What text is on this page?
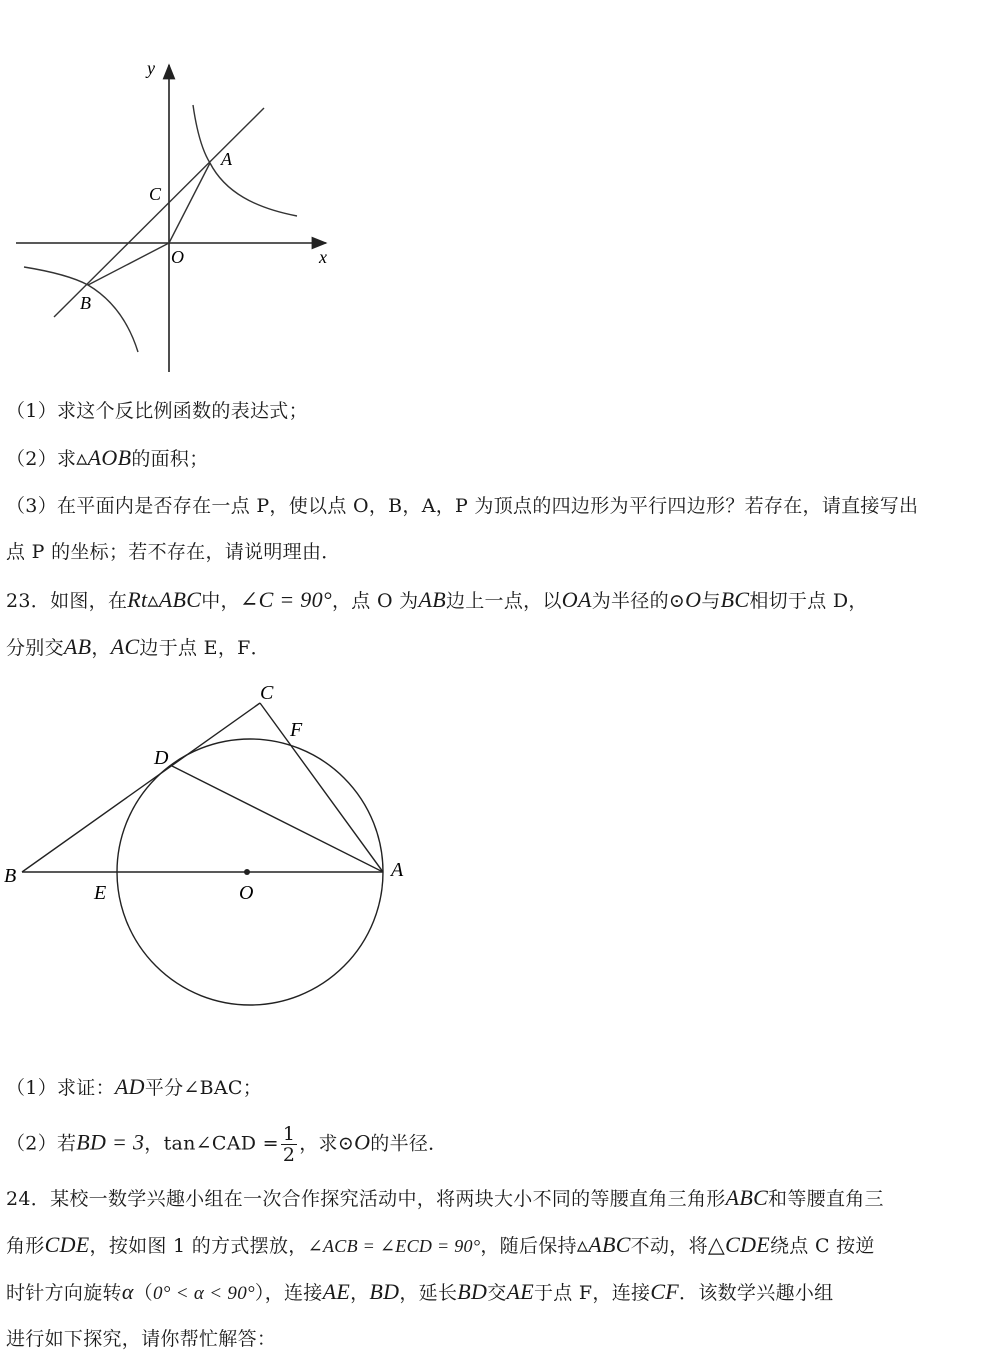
y
x
O
A
B
C
（1）求这个反比例函数的表达式；
（2）求▵AOB的面积；
（3）在平面内是否存在一点 P，使以点 O，B，A，P 为顶点的四边形为平行四边形？若存在，请直接写出
点 P 的坐标；若不存在，请说明理由．
23．如图，在Rt▵ABC中，∠C = 90°，点 O 为AB边上一点，以OA为半径的⊙O与BC相切于点 D，
分别交AB，AC边于点 E，F．
C
F
D
B	A
E	O
（1）求证：AD平分∠BAC；
（2）若BD = 3，tan∠CAD = $\frac{1}{2}$ ，求⊙O的半径．
24．某校一数学兴趣小组在一次合作探究活动中，将两块大小不同的等腰直角三角形ABC和等腰直角三
角形CDE，按如图 1 的方式摆放，∠ACB = ∠ECD = 90°，随后保持▵ABC不动，将△CDE绕点 C 按逆
时针方向旋转α（0° < α < 90°），连接AE，BD，延长BD交AE于点 F，连接CF．该数学兴趣小组
进行如下探究，请你帮忙解答：
